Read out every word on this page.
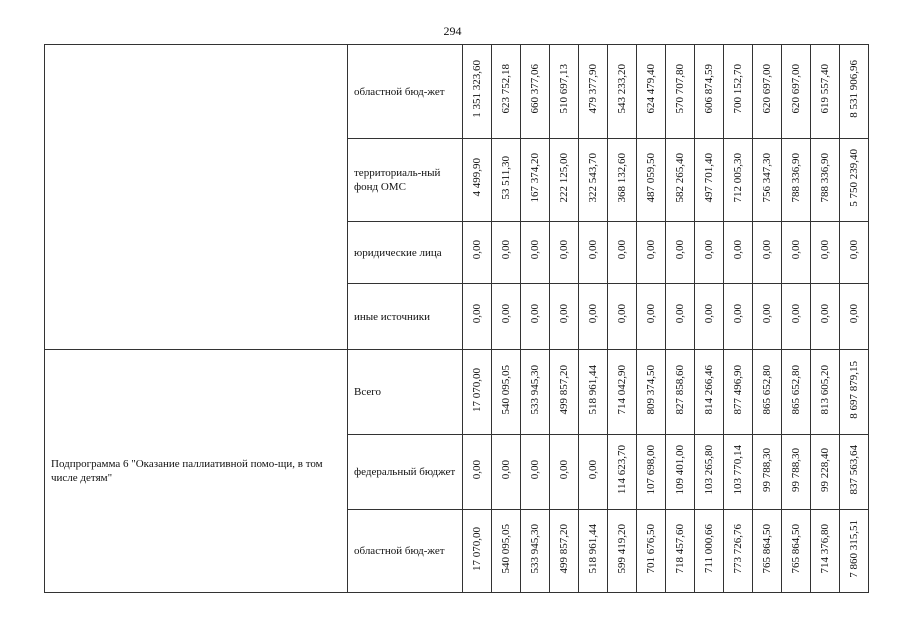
294
	областной бюд-жет	1 351 323,60	623 752,18	660 377,06	510 697,13	479 377,90	543 233,20	624 479,40	570 707,80	606 874,59	700 152,70	620 697,00	620 697,00	619 557,40	8 531 906,96
	территориаль-ный фонд ОМС	4 499,90	53 511,30	167 374,20	222 125,00	322 543,70	368 132,60	487 059,50	582 265,40	497 701,40	712 005,30	756 347,30	788 336,90	788 336,90	5 750 239,40
	юридические лица	0,00	0,00	0,00	0,00	0,00	0,00	0,00	0,00	0,00	0,00	0,00	0,00	0,00	0,00
	иные источники	0,00	0,00	0,00	0,00	0,00	0,00	0,00	0,00	0,00	0,00	0,00	0,00	0,00	0,00
Подпрограмма 6 "Оказание паллиативной помо-щи, в том числе детям"	Всего	17 070,00	540 095,05	533 945,30	499 857,20	518 961,44	714 042,90	809 374,50	827 858,60	814 266,46	877 496,90	865 652,80	865 652,80	813 605,20	8 697 879,15
	федеральный бюджет	0,00	0,00	0,00	0,00	0,00	114 623,70	107 698,00	109 401,00	103 265,80	103 770,14	99 788,30	99 788,30	99 228,40	837 563,64
	областной бюд-жет	17 070,00	540 095,05	533 945,30	499 857,20	518 961,44	599 419,20	701 676,50	718 457,60	711 000,66	773 726,76	765 864,50	765 864,50	714 376,80	7 860 315,51
